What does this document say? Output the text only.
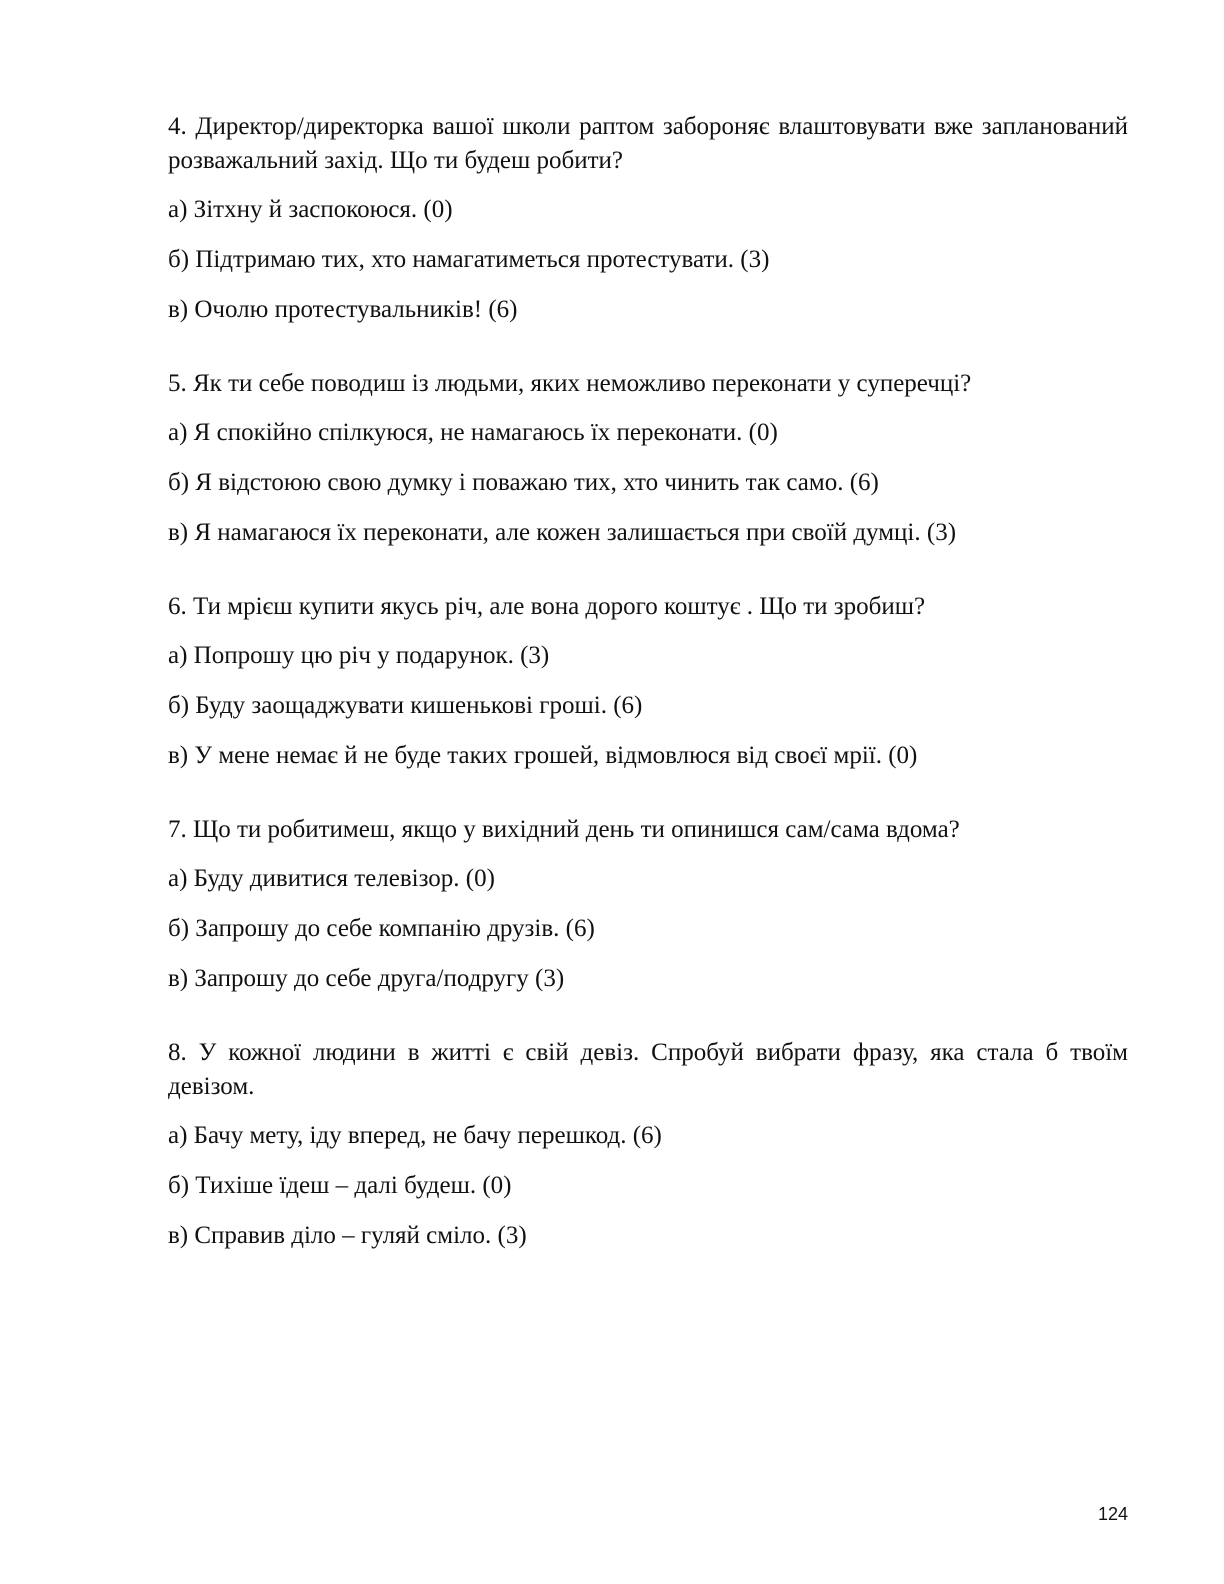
4. Директор/директорка вашої школи раптом забороняє влаштовувати вже запланований розважальний захід. Що ти будеш робити?

а) Зітхну й заспокоюся. (0)

б) Підтримаю тих, хто намагатиметься протестувати. (3)

в) Очолю протестувальників! (6)

5. Як ти себе поводиш із людьми, яких неможливо переконати у суперечці?

а) Я спокійно спілкуюся, не намагаюсь їх переконати. (0)

б) Я відстоюю свою думку і поважаю тих, хто чинить так само. (6)

в) Я намагаюся їх переконати, але кожен залишається при своїй думці. (3)

6. Ти мрієш купити якусь річ, але вона дорого коштує . Що ти зробиш?

а) Попрошу цю річ у подарунок. (3)

б) Буду заощаджувати кишенькові гроші. (6)

в) У мене немає й не буде таких грошей, відмовлюся від своєї мрії. (0)

7. Що ти робитимеш, якщо у вихідний день ти опинишся сам/сама вдома?

а) Буду дивитися телевізор. (0)

б) Запрошу до себе компанію друзів. (6)

в) Запрошу до себе друга/подругу (3)

8. У кожної людини в житті є свій девіз. Спробуй вибрати фразу, яка стала б твоїм девізом.

а) Бачу мету, іду вперед, не бачу перешкод. (6)

б) Тихіше їдеш – далі будеш. (0)

в) Справив діло – гуляй сміло. (3)

124
